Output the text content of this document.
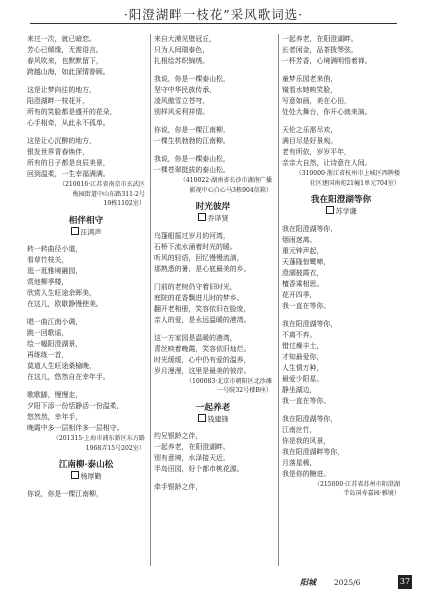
·阳澄湖畔一枝花”采风歌词选·
来过一次，就已暗恋。
芳心已倾缘，无需语言。
春风吹来，也默默留下，
跨越山海，如此深情眷顾。
这是让梦向往的地方，
阳澄湖畔一枝花开，
所有的笑脸都是盛开的花朵，
心手相牵，从此永不孤单。
这是让心沉醉的地方，
银发世界青春焕伴，
所有的日子都是良辰美景，
回到温柔，一生幸福满满。
（210016·江苏省南京市玄武区
梅园街道中山东路311-2号
19栋1102室）
相伴相守
汪鸿声
转一转曲径小道，
看草竹枝关，
逛一逛雅境融园，
赏池柳季楼，
欣赏人生旺途余晖美，
在这儿，欧歇静慢使美。
唱一曲江南小调，
跳一回歌谣，
绘一幅阳澄湖景，
再练练一首，
莫道人生旺途桑榆晚，
在这儿，悠然自在幸年手。
歌歌脚，慢慢走，
夕阳下添一份恬静活一份温柔，
悠然然，幸年手，
晚霞中多一层相伴多一层相守。
（201315·上海市浦东新区东方路
1968弄15号202室）
江南柳·泰山松
杨厚勤
你说，你是一棵江南柳，
来自大漠见壁冠丘，
只为人间瑞泰色，
扎根绘苏织锦绣。
我说，你是一棵泰山松，
坚守中华民族传承，
凌风傲雪立苍穹，
别样风采利祥情。
你说，你是一棵江南柳，
一棵生机勃勃的江南柳。
我说，你是一棵泰山松，
一棵苍翠挺拔的泰山松。
（410022·湖南省长沙市湖南广播
影视中心白心马3栋904信箱）
时光彼岸
乔译贤
乌篷船摇过岁月的河湾，
石桥下流水涌着时光的暖。
听风的轻语，回忆慢慢流淌，
那熟悉的暑，是心底最美的乡。
门前的老树仍守着旧时光，
庭院的花香飘进儿时的梦乡。
翻开老相册，笑容依旧在脸庞，
亲人的爱，是永远温暖的港湾。
这一方家园是温暖的港湾，
青丝映着晚霞，笑容依旧灿烂。
时光缓缓，心中仍有爱的温养，
岁月漫漫，这里是最美的彼岸。
（100083·北京市朝阳区北沙滩
一号院32号楼B座）
一起养老
钱建锋
约兄银龄之伴，
一起养老，在阳澄湖畔。
别有意境，水泽接天近，
半岛田园，好个都市桃花源。
牵手银龄之伴，
一起养老，在阳澄湖畔。
长者闲金，品茶拨琴弦，
一杯芳香，心境满明悟着禅。
童梦乐园老来俏，
镜看水她映笑脸，
写意如画，美在心田，
处处大舞台，你开心就来演。
天伦之乐需尽欢，
满目尽是好景观。
老有所依，岁岁平年，
亲亲大自然，让诗意在人间。
（310000·浙江省杭州市上城区西牌楼
社区建国南苑21幢1单元704室）
我在阳澄湖等你
苏学谦
我在阳澄湖等你，
烟雨迷离。
重元钟声起，
天蓬隆惊鹭啼，
澄湖披霞衣，
檀香乘相思。
花开四季，
我一直在等你。
我在阳澄湖等你，
不离不弃。
错过燥丰土，
才知最爱你，
人生情万种，
最爱少阳星。
静坐湖边，
我一直在等你。
我在阳澄湖等你，
江南丝竹，
你是我的风景，
我在阳澄湖畔等你，
月落星稀，
我是你的糖进。
（215000·江苏省苏州市阳澄湖
半岛国寿嘉园·雅境）
阳城 2025/6	37
